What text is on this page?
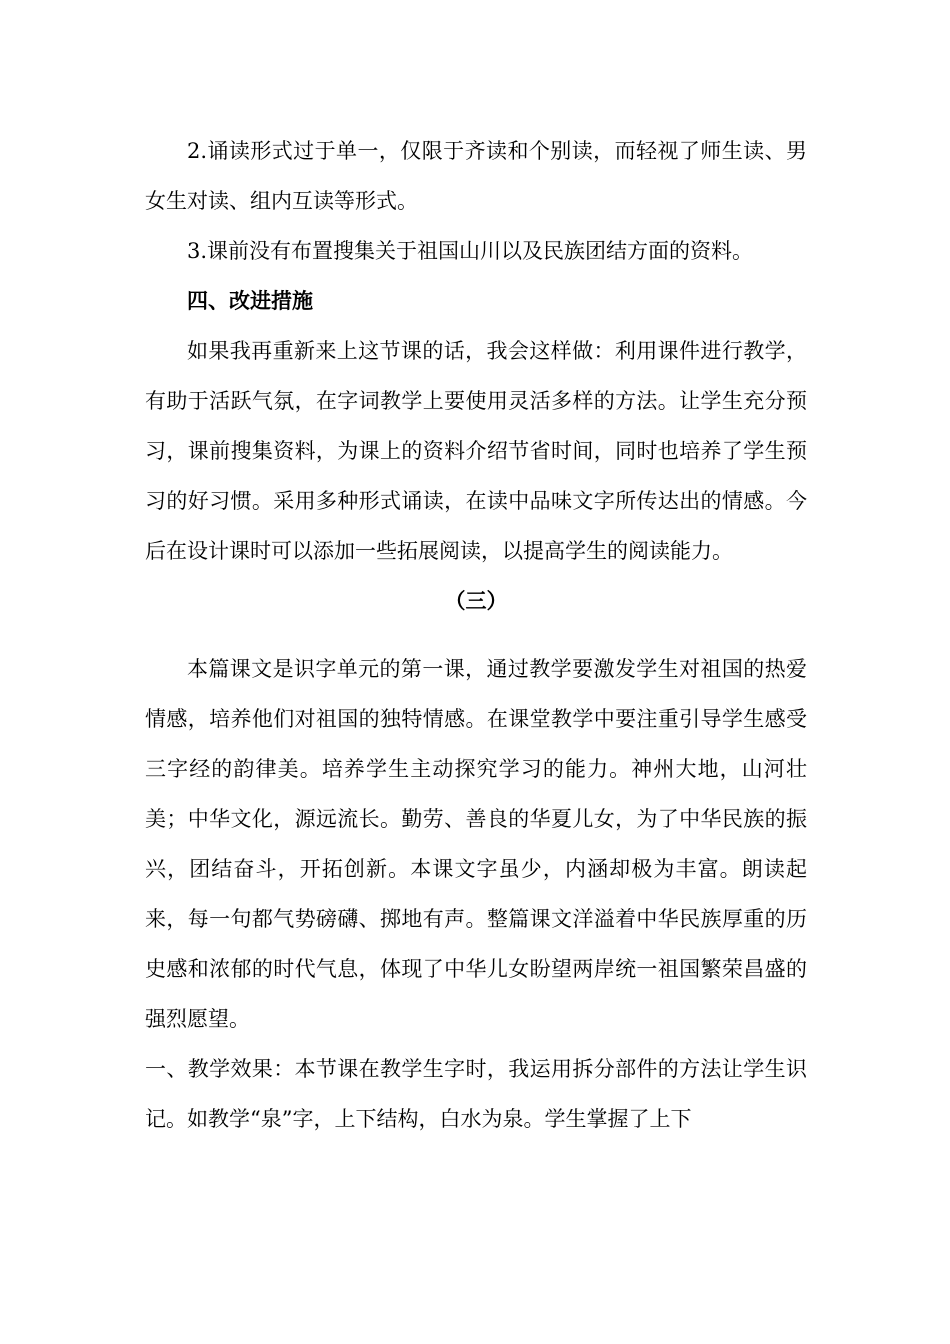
2.诵读形式过于单一，仅限于齐读和个别读，而轻视了师生读、男女生对读、组内互读等形式。

3.课前没有布置搜集关于祖国山川以及民族团结方面的资料。

四、改进措施

如果我再重新来上这节课的话，我会这样做：利用课件进行教学，有助于活跃气氛，在字词教学上要使用灵活多样的方法。让学生充分预习，课前搜集资料，为课上的资料介绍节省时间，同时也培养了学生预习的好习惯。采用多种形式诵读，在读中品味文字所传达出的情感。今后在设计课时可以添加一些拓展阅读，以提高学生的阅读能力。

（三）

本篇课文是识字单元的第一课，通过教学要激发学生对祖国的热爱情感，培养他们对祖国的独特情感。在课堂教学中要注重引导学生感受三字经的韵律美。培养学生主动探究学习的能力。神州大地，山河壮美；中华文化，源远流长。勤劳、善良的华夏儿女，为了中华民族的振兴，团结奋斗，开拓创新。本课文字虽少，内涵却极为丰富。朗读起来，每一句都气势磅礴、掷地有声。整篇课文洋溢着中华民族厚重的历史感和浓郁的时代气息，体现了中华儿女盼望两岸统一祖国繁荣昌盛的强烈愿望。

一、教学效果：本节课在教学生字时，我运用拆分部件的方法让学生识记。如教学“泉”字，上下结构，白水为泉。学生掌握了上下
